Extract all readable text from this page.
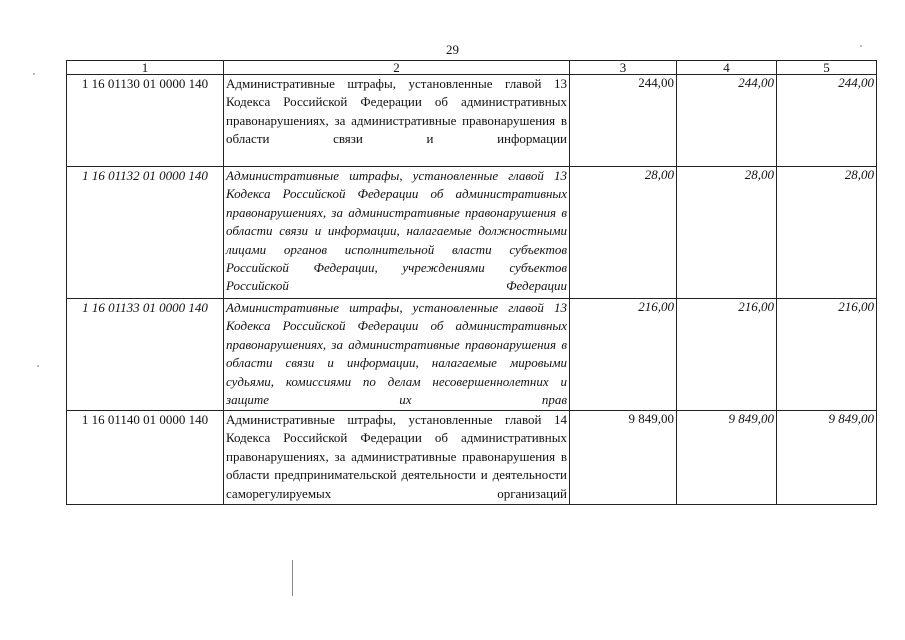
29
1	2	3	4	5
1 16 01130 01 0000 140	Административные штрафы, установленные главой 13 Кодекса Российской Федерации об административных правонарушениях, за административные правонарушения в области связи и информации	244,00	244,00	244,00
1 16 01132 01 0000 140	Административные штрафы, установленные главой 13 Кодекса Российской Федерации об административных правонарушениях, за административные правонарушения в области связи и информации, налагаемые должностными лицами органов исполнительной власти субъектов Российской Федерации, учреждениями субъектов Российской Федерации	28,00	28,00	28,00
1 16 01133 01 0000 140	Административные штрафы, установленные главой 13 Кодекса Российской Федерации об административных правонарушениях, за административные правонарушения в области связи и информации, налагаемые мировыми судьями, комиссиями по делам несовершеннолетних и защите их прав	216,00	216,00	216,00
1 16 01140 01 0000 140	Административные штрафы, установленные главой 14 Кодекса Российской Федерации об административных правонарушениях, за административные правонарушения в области предпринимательской деятельности и деятельности саморегулируемых организаций	9 849,00	9 849,00	9 849,00
